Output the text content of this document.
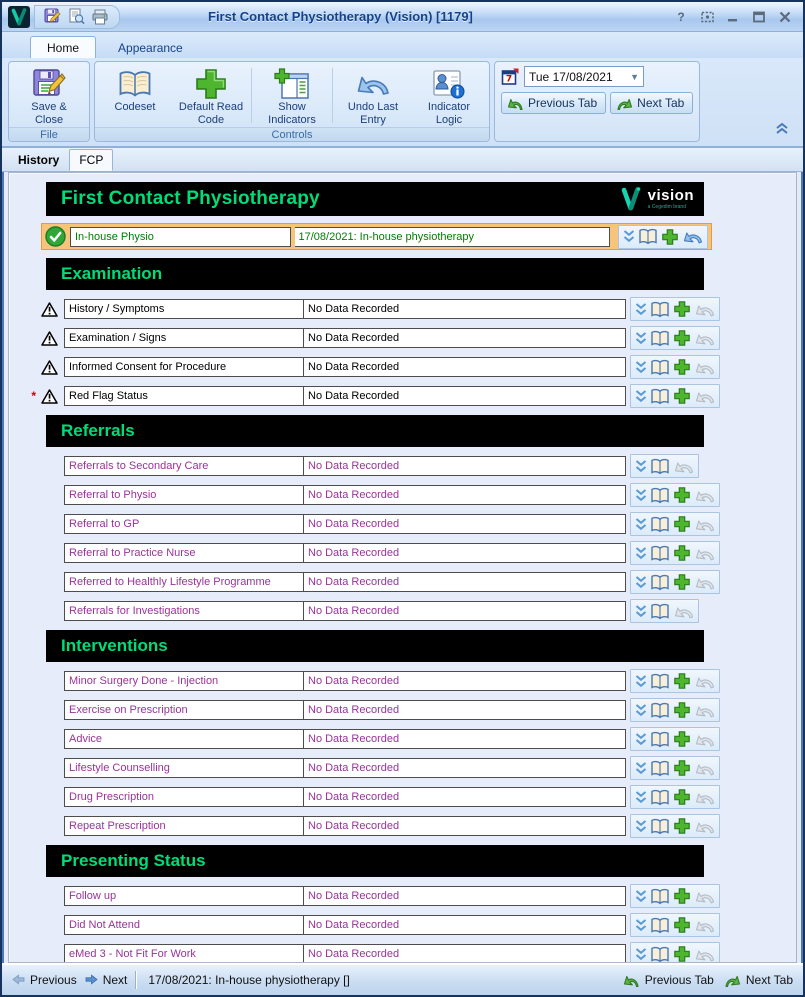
First Contact Physiotherapy (Vision) [1179]	?
Home	Appearance
Save & Close
File
Codeset	Default Read Code
Show Indicators
Undo Last Entry
Indicator Logic
Controls
7 Tue 17/08/2021	▼
Previous Tab	Next Tab
History	FCP
First Contact Physiotherapy	vision
a Cegedim brand
In-house Physio	17/08/2021: In-house physiotherapy
Examination
History / Symptoms	No Data Recorded
Examination / Signs	No Data Recorded
Informed Consent for Procedure	No Data Recorded
*	Red Flag Status	No Data Recorded
Referrals
Referrals to Secondary Care	No Data Recorded
Referral to Physio	No Data Recorded
Referral to GP	No Data Recorded
Referral to Practice Nurse	No Data Recorded
Referred to Healthly Lifestyle Programme	No Data Recorded
Referrals for Investigations	No Data Recorded
Interventions
Minor Surgery Done - Injection	No Data Recorded
Exercise on Prescription	No Data Recorded
Advice	No Data Recorded
Lifestyle Counselling	No Data Recorded
Drug Prescription	No Data Recorded
Repeat Prescription	No Data Recorded
Presenting Status
Follow up	No Data Recorded
Did Not Attend	No Data Recorded
eMed 3 - Not Fit For Work	No Data Recorded
Previous Next 17/08/2021: In-house physiotherapy []	Previous Tab	Next Tab
